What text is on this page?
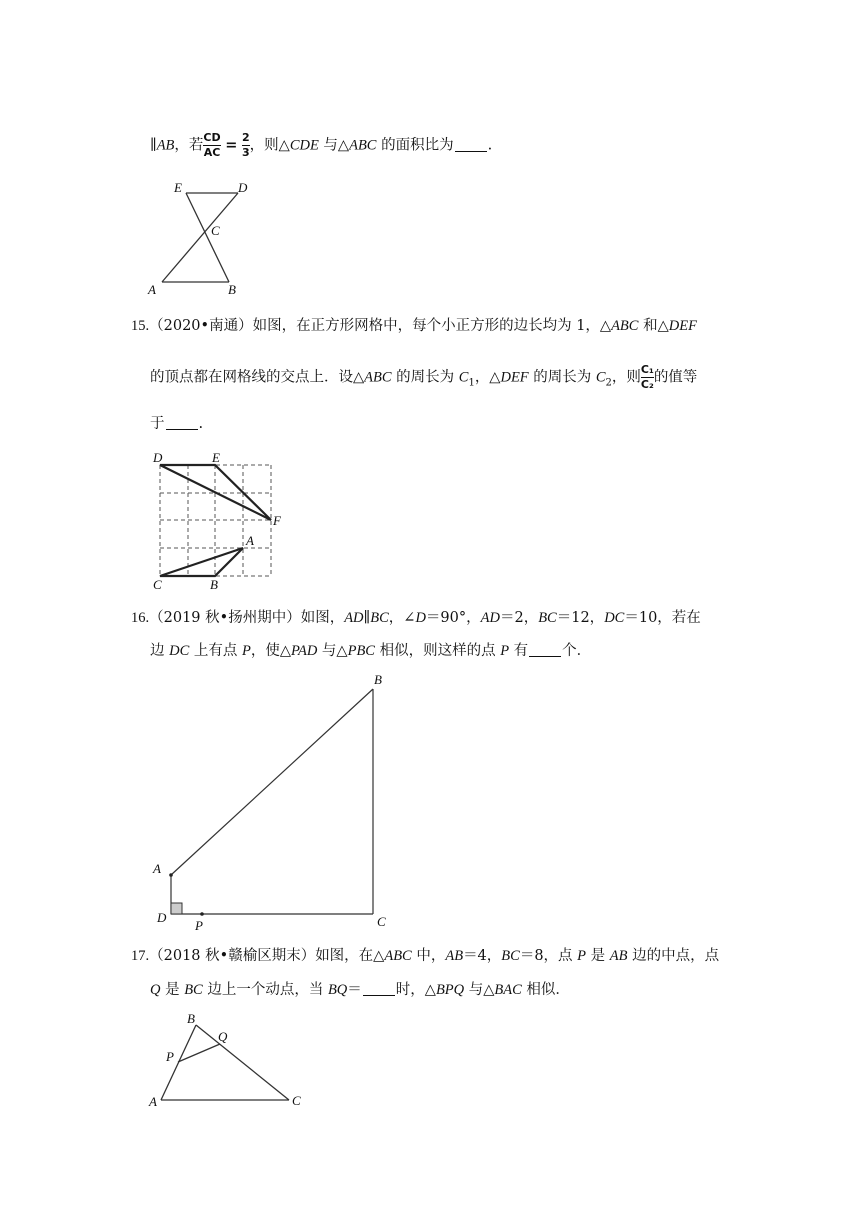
∥AB，若 $\frac{CD}{AC} = \frac{2}{3}$ ，则△CDE 与△ABC 的面积比为 .
E	D
C
A	B
15.（2020•南通）如图，在正方形网格中，每个小正方形的边长均为 1，△ABC 和△DEF
的顶点都在网格线的交点上．设△ABC 的周长为 $C_1$，△DEF 的周长为 $C_2$，则 $\frac{\text{C₁}}{\text{C₂}}$ 的值等
于 .
D	E
F
A
C	B
16.（2019 秋•扬州期中）如图，AD∥BC，∠D＝90°，AD＝2，BC＝12，DC＝10，若在
边 DC 上有点 P，使△PAD 与△PBC 相似，则这样的点 P 有 个．
B
A
D
P	C
17.（2018 秋•赣榆区期末）如图，在△ABC 中，AB＝4，BC＝8，点 P 是 AB 边的中点，点
Q 是 BC 边上一个动点，当 BQ＝ 时，△BPQ 与△BAC 相似．
B
Q
P
A	C
